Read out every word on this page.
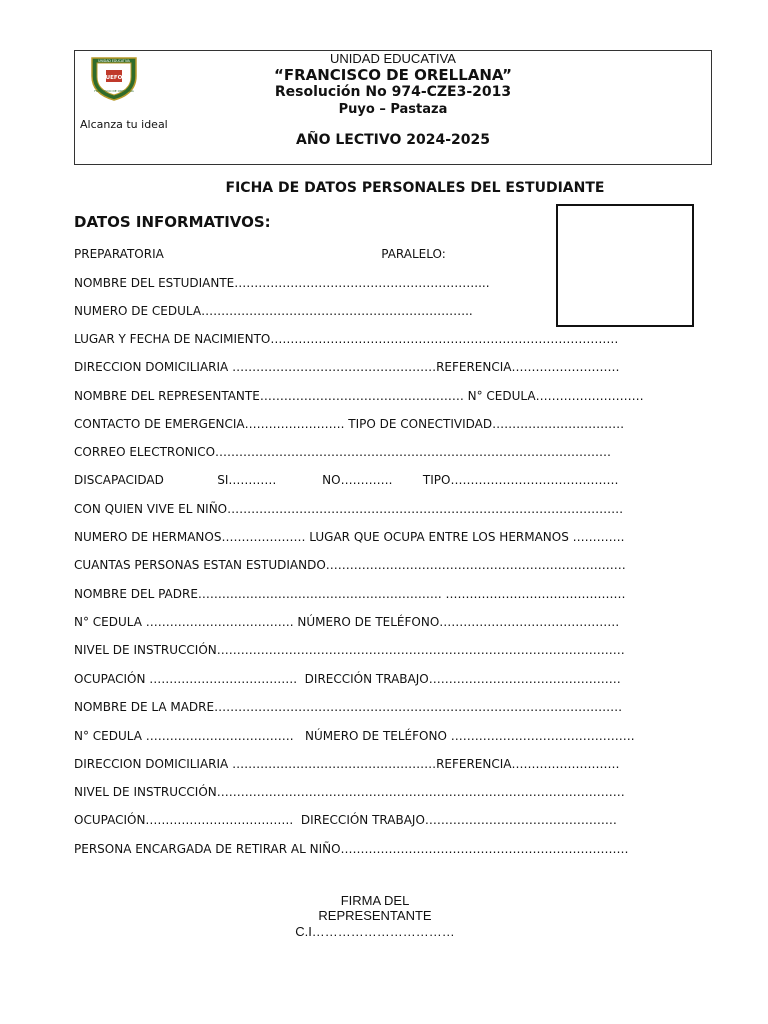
UNIDAD EDUCATIVA
UEFO
FRANCISCO DE ORELLANA
Alcanza tu ideal
UNIDAD EDUCATIVA
“FRANCISCO DE ORELLANA”
Resolución No 974-CZE3-2013
Puyo – Pastaza
AÑO LECTIVO 2024-2025
FICHA DE DATOS PERSONALES DEL ESTUDIANTE
DATOS INFORMATIVOS:
PREPARATORIA                                                         PARALELO:
NOMBRE DEL ESTUDIANTE……………………………………………………....
NUMERO DE CEDULA…………………………………………………………..
LUGAR Y FECHA DE NACIMIENTO……………………………………………………………………………
DIRECCION DOMICILIARIA ……………………………………………REFERENCIA………………………
NOMBRE DEL REPRESENTANTE…………………………………………… N° CEDULA………………………
CONTACTO DE EMERGENCIA……………………. TIPO DE CONECTIVIDAD……………………………
CORREO ELECTRONICO………………………………………………………………………………………
DISCAPACIDAD              SI…………            NO………….        TIPO……………………………………
CON QUIEN VIVE EL NIÑO………………………………………………………………………………………
NUMERO DE HERMANOS………………… LUGAR QUE OCUPA ENTRE LOS HERMANOS ………….
CUANTAS PERSONAS ESTAN ESTUDIANDO…………………………………………………………………
NOMBRE DEL PADRE……………………………………………………. ………………………………………
N° CEDULA ………………………………. NÚMERO DE TELÉFONO………………………………………
NIVEL DE INSTRUCCIÓN…………………………………………………………………………………………
OCUPACIÓN ……………………………….  DIRECCIÓN TRABAJO…………………………………………
NOMBRE DE LA MADRE…………………………………………………………………………………………
N° CEDULA ……………………………….   NÚMERO DE TELÉFONO ……………………………………….
DIRECCION DOMICILIARIA ……………………………………………REFERENCIA………………………
NIVEL DE INSTRUCCIÓN…………………………………………………………………………………………
OCUPACIÓN……………………………….  DIRECCIÓN TRABAJO…………………………………………
PERSONA ENCARGADA DE RETIRAR AL NIÑO………………………………………………………………
FIRMA DEL
REPRESENTANTE
C.I……………………………
